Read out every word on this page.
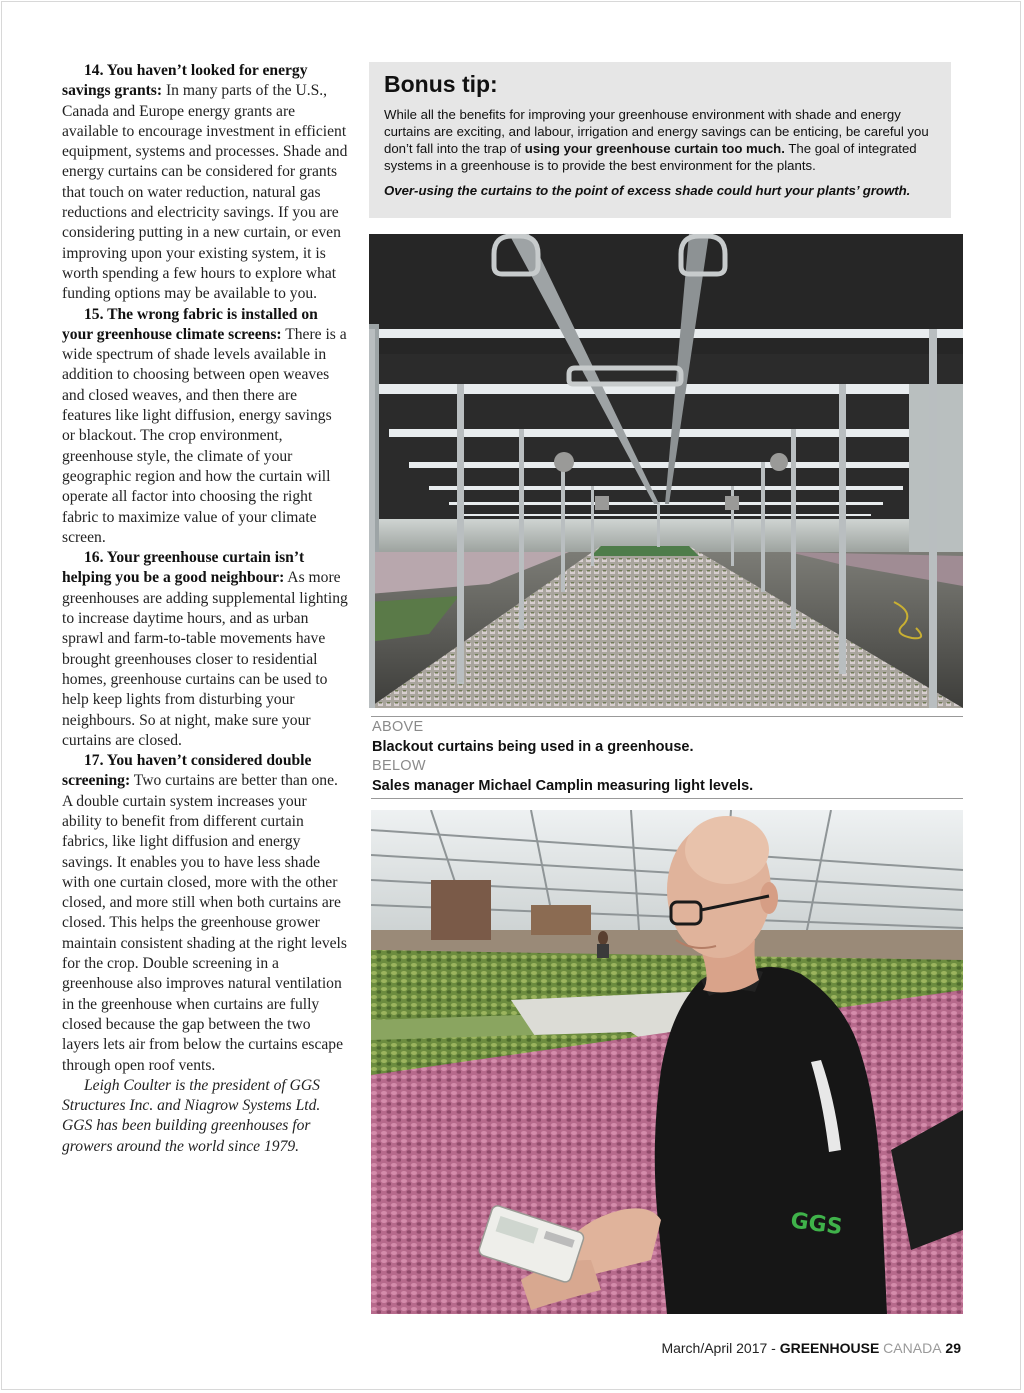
14. You haven’t looked for energy savings grants: In many parts of the U.S., Canada and Europe energy grants are available to encourage investment in efficient equipment, systems and processes. Shade and energy curtains can be considered for grants that touch on water reduction, natural gas reductions and electricity savings. If you are considering putting in a new curtain, or even improving upon your existing system, it is worth spending a few hours to explore what funding options may be available to you.

15. The wrong fabric is installed on your greenhouse climate screens: There is a wide spectrum of shade levels available in addition to choosing between open weaves and closed weaves, and then there are features like light diffusion, energy savings or blackout. The crop environment, greenhouse style, the climate of your geographic region and how the curtain will operate all factor into choosing the right fabric to maximize value of your climate screen.

16. Your greenhouse curtain isn’t helping you be a good neighbour: As more greenhouses are adding supplemental lighting to increase daytime hours, and as urban sprawl and farm-to-table movements have brought greenhouses closer to residential homes, greenhouse curtains can be used to help keep lights from disturbing your neighbours. So at night, make sure your curtains are closed.

17. You haven’t considered double screening: Two curtains are better than one. A double curtain system increases your ability to benefit from different curtain fabrics, like light diffusion and energy savings. It enables you to have less shade with one curtain closed, more with the other closed, and more still when both curtains are closed. This helps the greenhouse grower maintain consistent shading at the right levels for the crop. Double screening in a greenhouse also improves natural ventilation in the greenhouse when curtains are fully closed because the gap between the two layers lets air from below the curtains escape through open roof vents.

Leigh Coulter is the president of GGS Structures Inc. and Niagrow Systems Ltd. GGS has been building greenhouses for growers around the world since 1979.

Bonus tip:

While all the benefits for improving your greenhouse environment with shade and energy curtains are exciting, and labour, irrigation and energy savings can be enticing, be careful you don’t fall into the trap of using your greenhouse curtain too much. The goal of integrated systems in a greenhouse is to provide the best environment for the plants.

Over-using the curtains to the point of excess shade could hurt your plants’ growth.

ABOVE
Blackout curtains being used in a greenhouse.
BELOW
Sales manager Michael Camplin measuring light levels.
GGS
March/April 2017 - GREENHOUSE CANADA 29
